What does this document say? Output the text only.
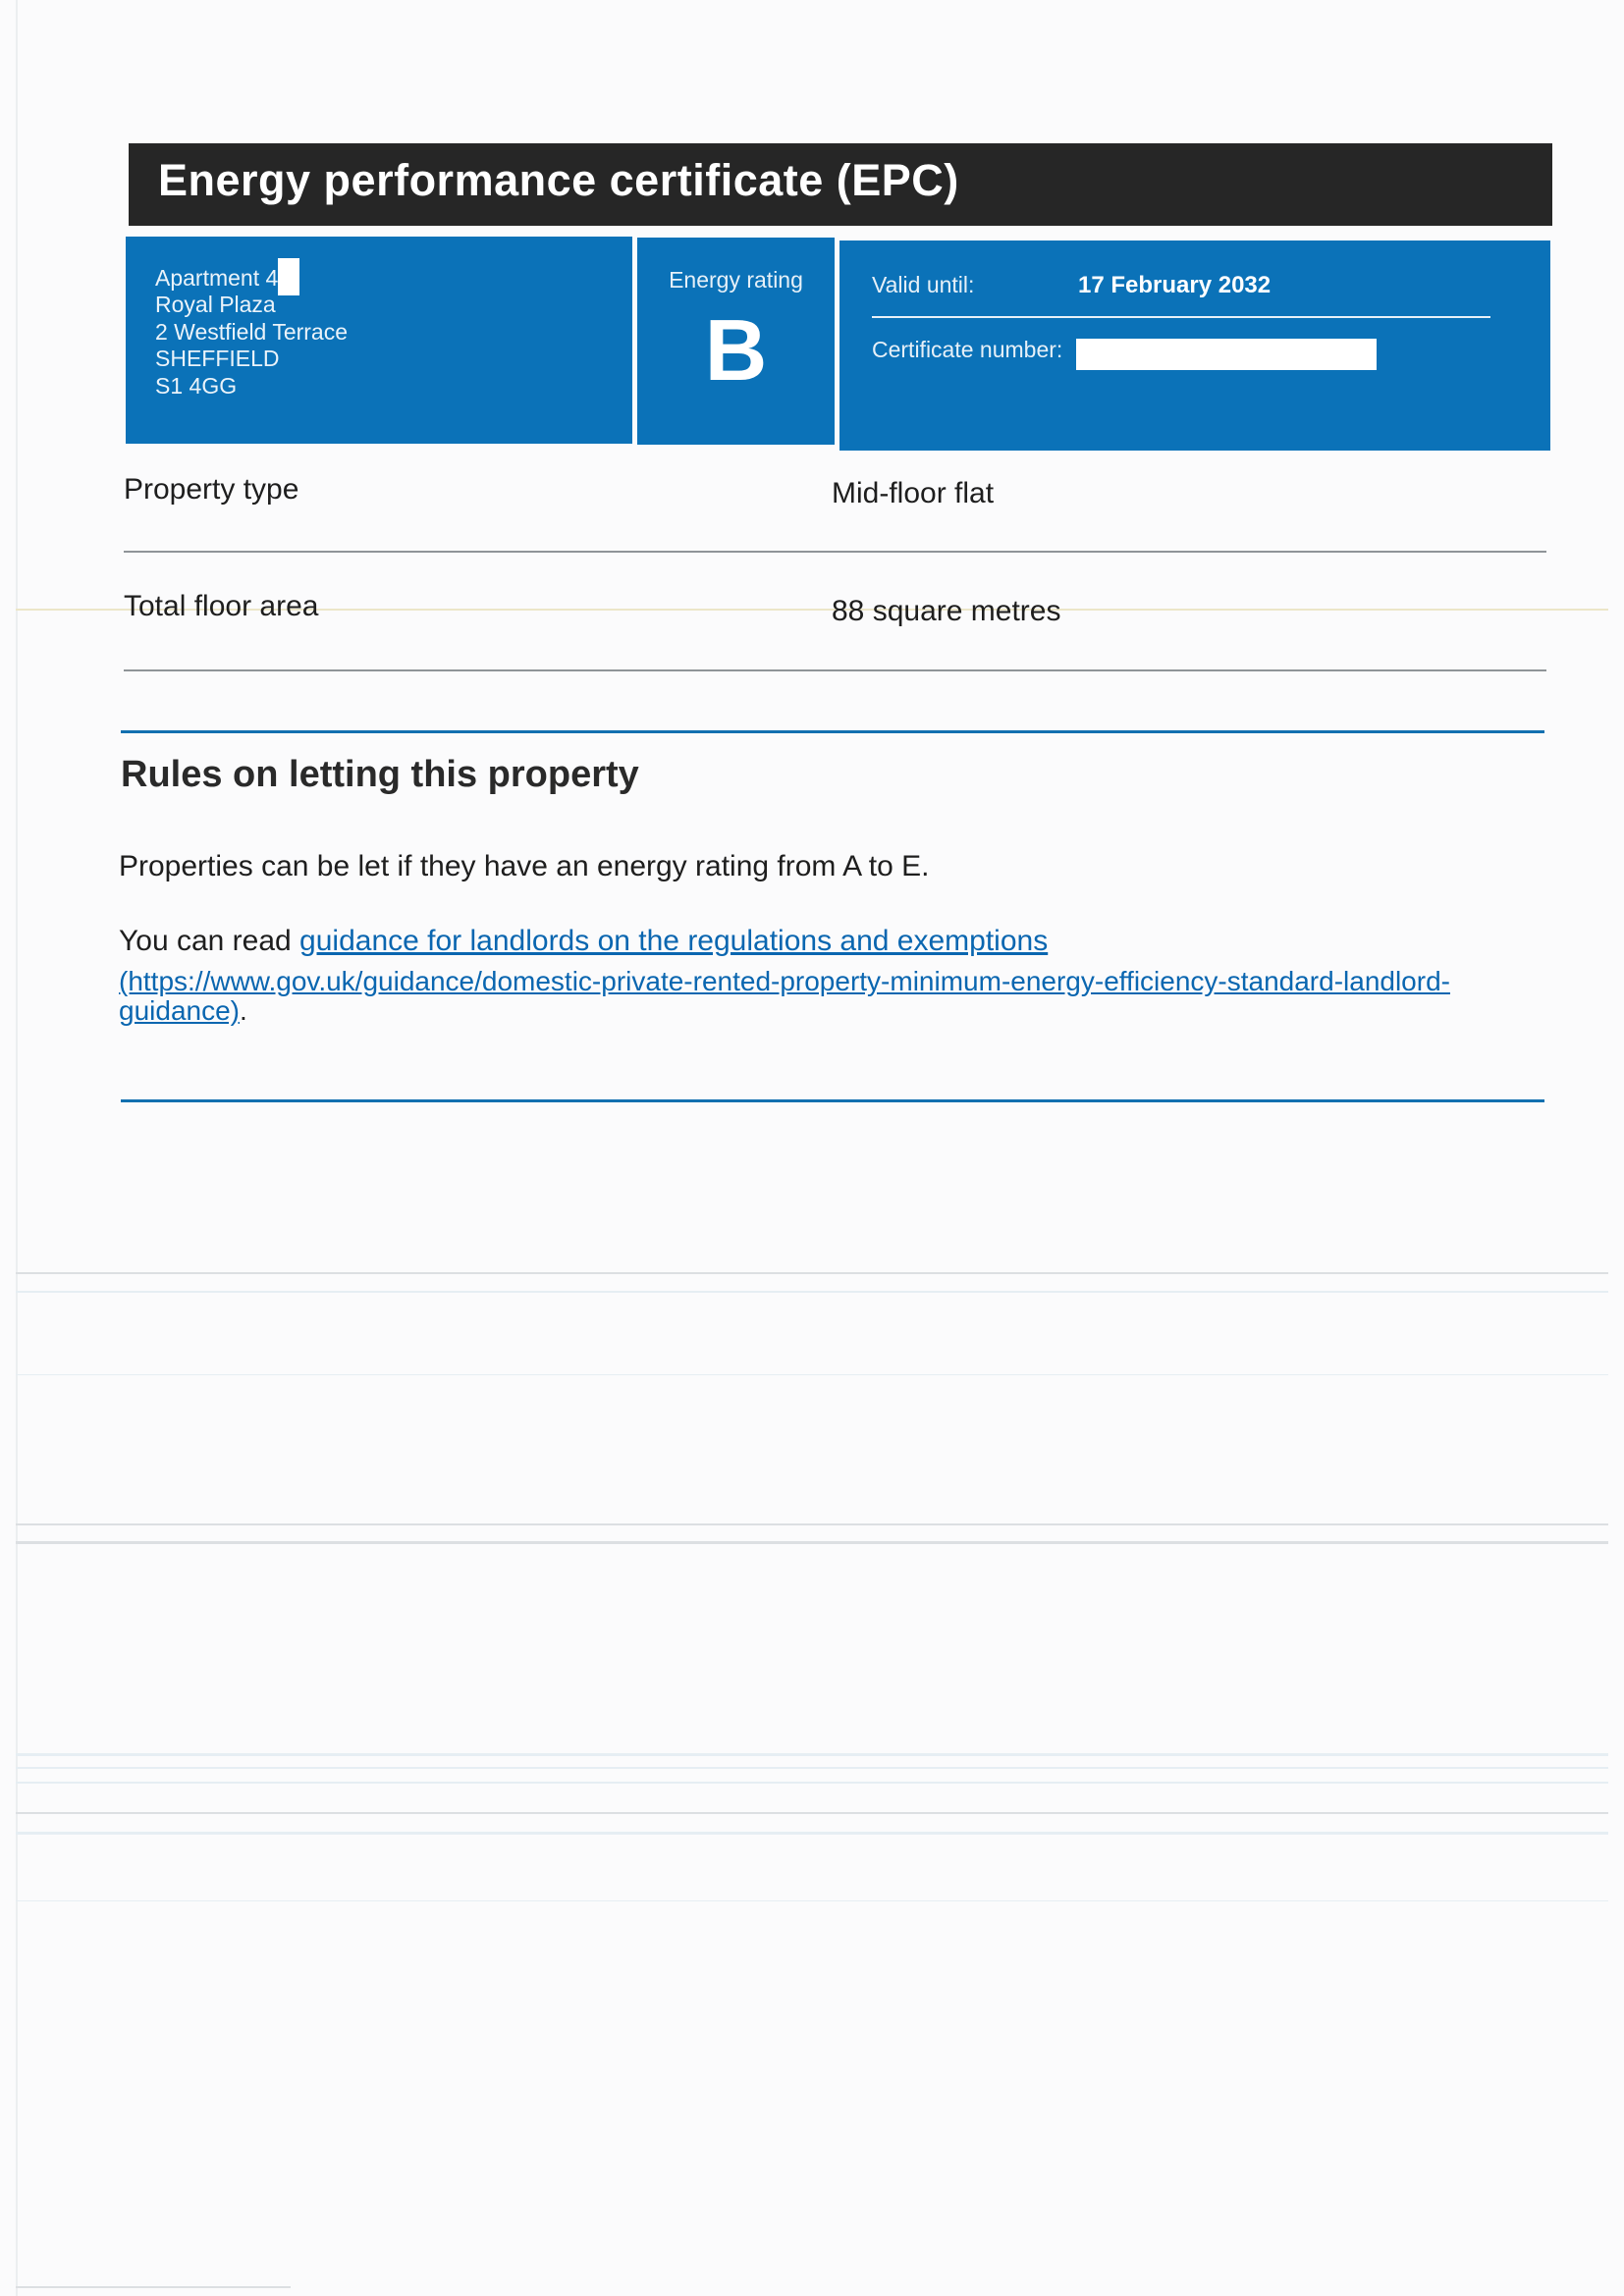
Energy performance certificate (EPC)
Apartment 4
Royal Plaza
2 Westfield Terrace
SHEFFIELD
S1 4GG
Energy rating
B
Valid until:	17 February 2032
Certificate number:
Property type	Mid-floor flat
Total floor area	88 square metres
Rules on letting this property
Properties can be let if they have an energy rating from A to E.
You can read guidance for landlords on the regulations and exemptions
(https://www.gov.uk/guidance/domestic-private-rented-property-minimum-energy-efficiency-standard-landlord-
guidance).
